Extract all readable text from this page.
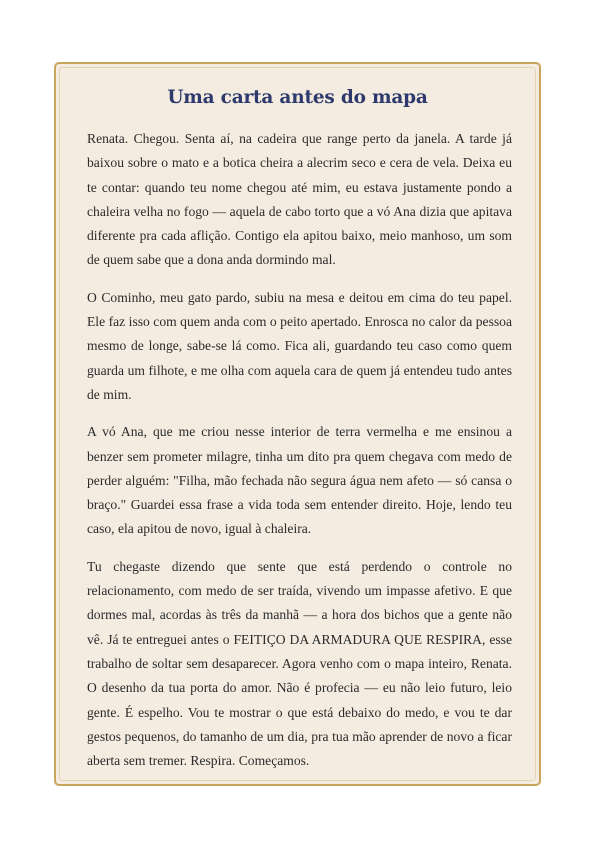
Uma carta antes do mapa

Renata. Chegou. Senta aí, na cadeira que range perto da janela. A tarde já baixou sobre o mato e a botica cheira a alecrim seco e cera de vela. Deixa eu te contar: quando teu nome chegou até mim, eu estava justamente pondo a chaleira velha no fogo — aquela de cabo torto que a vó Ana dizia que apitava diferente pra cada aflição. Contigo ela apitou baixo, meio manhoso, um som de quem sabe que a dona anda dormindo mal.

O Cominho, meu gato pardo, subiu na mesa e deitou em cima do teu papel. Ele faz isso com quem anda com o peito apertado. Enrosca no calor da pessoa mesmo de longe, sabe-se lá como. Fica ali, guardando teu caso como quem guarda um filhote, e me olha com aquela cara de quem já entendeu tudo antes de mim.

A vó Ana, que me criou nesse interior de terra vermelha e me ensinou a benzer sem prometer milagre, tinha um dito pra quem chegava com medo de perder alguém: "Filha, mão fechada não segura água nem afeto — só cansa o braço." Guardei essa frase a vida toda sem entender direito. Hoje, lendo teu caso, ela apitou de novo, igual à chaleira.

Tu chegaste dizendo que sente que está perdendo o controle no relacionamento, com medo de ser traída, vivendo um impasse afetivo. E que dormes mal, acordas às três da manhã — a hora dos bichos que a gente não vê. Já te entreguei antes o FEITIÇO DA ARMADURA QUE RESPIRA, esse trabalho de soltar sem desaparecer. Agora venho com o mapa inteiro, Renata. O desenho da tua porta do amor. Não é profecia — eu não leio futuro, leio gente. É espelho. Vou te mostrar o que está debaixo do medo, e vou te dar gestos pequenos, do tamanho de um dia, pra tua mão aprender de novo a ficar aberta sem tremer. Respira. Começamos.
